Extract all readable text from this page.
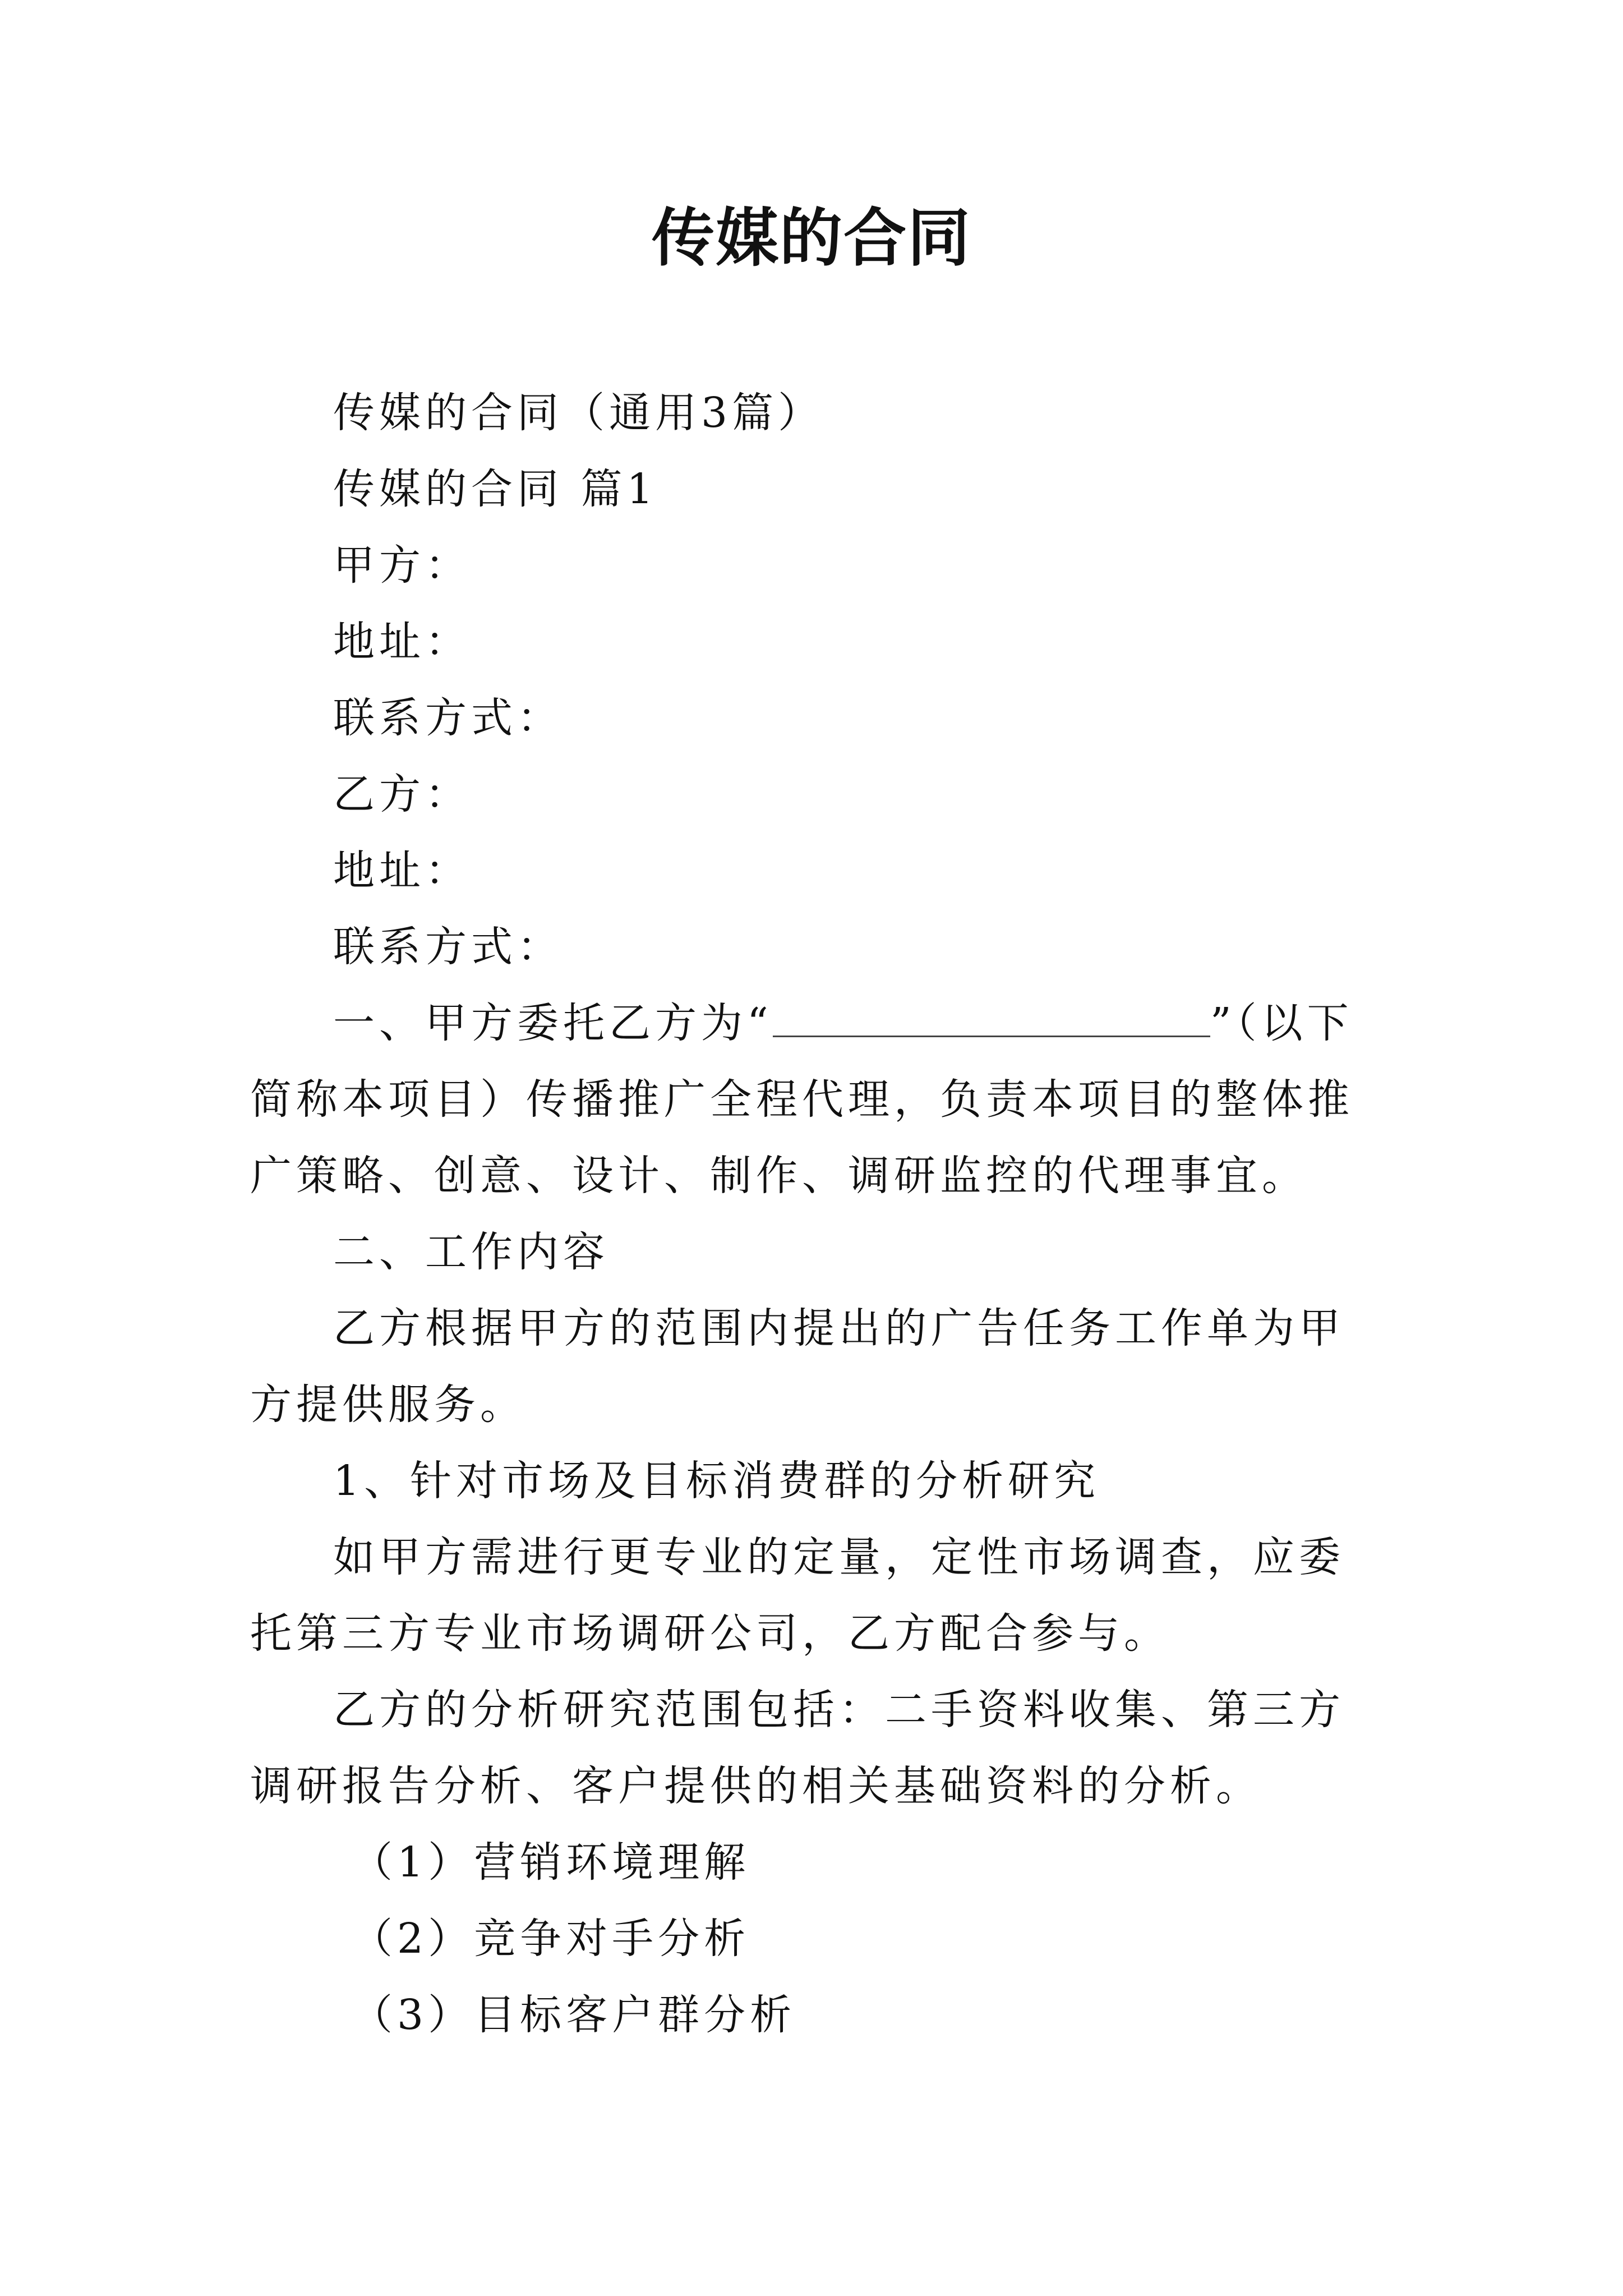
传媒的合同

传媒的合同（通用3篇）

传媒的合同 篇1

甲方：

地址：

联系方式：

乙方：

地址：

联系方式：

一、甲方委托乙方为“	”（以下简称本项目）传播推广全程代理，负责本项目的整体推广策略、创意、设计、制作、调研监控的代理事宜。

二、工作内容

乙方根据甲方的范围内提出的广告任务工作单为甲方提供服务。

1、针对市场及目标消费群的分析研究

如甲方需进行更专业的定量，定性市场调查，应委托第三方专业市场调研公司，乙方配合参与。

乙方的分析研究范围包括：二手资料收集、第三方调研报告分析、客户提供的相关基础资料的分析。

（1）营销环境理解

（2）竞争对手分析

（3）目标客户群分析
